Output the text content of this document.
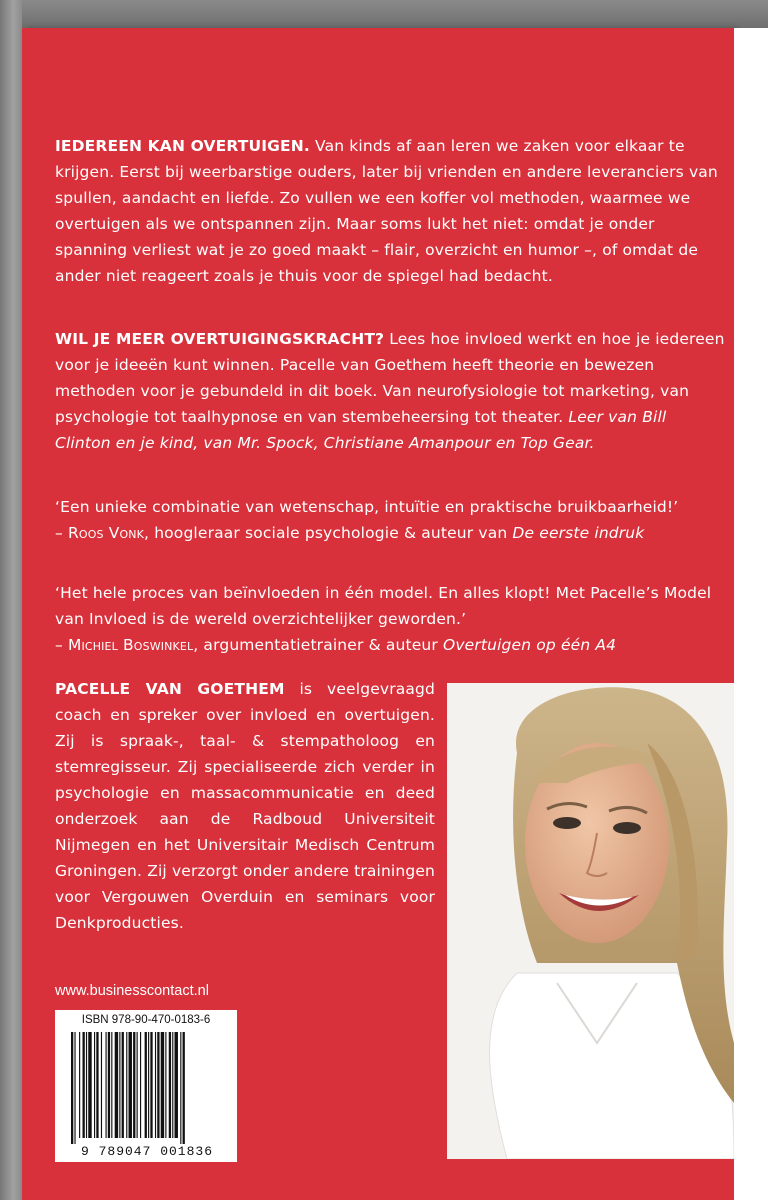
IEDEREEN KAN OVERTUIGEN. Van kinds af aan leren we zaken voor elkaar te krijgen. Eerst bij weerbarstige ouders, later bij vrienden en andere leveranciers van spullen, aandacht en liefde. Zo vullen we een koffer vol methoden, waarmee we overtuigen als we ontspannen zijn. Maar soms lukt het niet: omdat je onder spanning verliest wat je zo goed maakt – flair, overzicht en humor –, of omdat de ander niet reageert zoals je thuis voor de spiegel had bedacht.
WIL JE MEER OVERTUIGINGSKRACHT? Lees hoe invloed werkt en hoe je iedereen voor je ideeën kunt winnen. Pacelle van Goethem heeft theorie en bewezen methoden voor je gebundeld in dit boek. Van neurofysiologie tot marketing, van psychologie tot taalhypnose en van stembeheersing tot theater. Leer van Bill Clinton en je kind, van Mr. Spock, Christiane Amanpour en Top Gear.
‘Een unieke combinatie van wetenschap, intuïtie en praktische bruikbaarheid!’
– Roos Vonk, hoogleraar sociale psychologie & auteur van De eerste indruk
‘Het hele proces van beïnvloeden in één model. En alles klopt! Met Pacelle’s Model van Invloed is de wereld overzichtelijker geworden.’
– Michiel Boswinkel, argumentatietrainer & auteur Overtuigen op één A4
PACELLE VAN GOETHEM is veelgevraagd coach en spreker over invloed en overtuigen. Zij is spraak-, taal- & stempatholoog en stemregisseur. Zij specialiseerde zich verder in psychologie en massacommunicatie en deed onderzoek aan de Radboud Universiteit Nijmegen en het Universitair Medisch Centrum Groningen. Zij verzorgt onder andere trainingen voor Vergouwen Overduin en seminars voor Denkproducties.
www.businesscontact.nl
ISBN 978-90-470-0183-6
9 789047 001836
